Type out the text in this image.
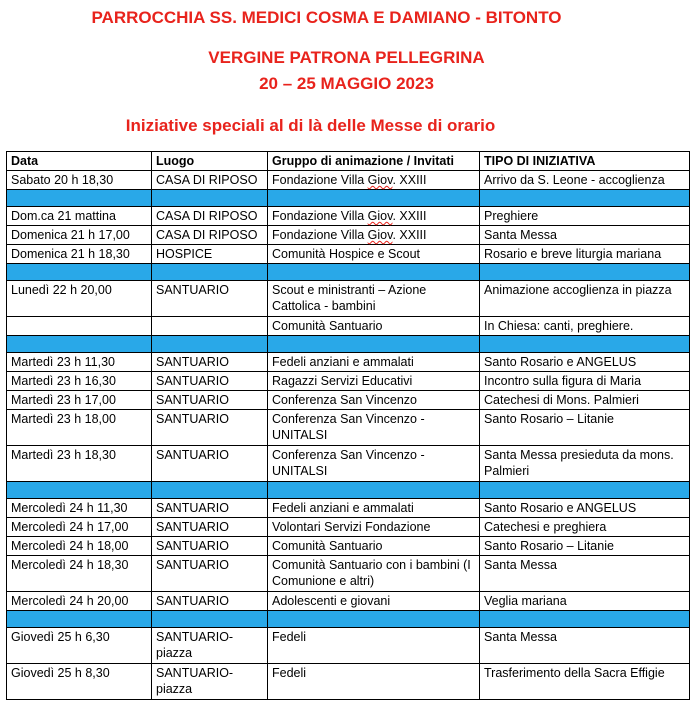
PARROCCHIA SS. MEDICI COSMA E DAMIANO - BITONTO
VERGINE PATRONA PELLEGRINA
20 – 25 MAGGIO 2023
Iniziative speciali al di là delle Messe di orario
Data	Luogo	Gruppo di animazione / Invitati	TIPO DI INIZIATIVA
Sabato 20 h 18,30	CASA DI RIPOSO	Fondazione Villa Giov. XXIII	Arrivo da S. Leone - accoglienza

Dom.ca 21 mattina	CASA DI RIPOSO	Fondazione Villa Giov. XXIII	Preghiere
Domenica 21 h 17,00	CASA DI RIPOSO	Fondazione Villa Giov. XXIII	Santa Messa
Domenica 21 h 18,30	HOSPICE	Comunità Hospice e Scout	Rosario e breve liturgia mariana

Lunedì 22 h 20,00	SANTUARIO	Scout e ministranti – Azione Cattolica - bambini	Animazione accoglienza in piazza
		Comunità Santuario	In Chiesa: canti, preghiere.

Martedì 23 h 11,30	SANTUARIO	Fedeli anziani e ammalati	Santo Rosario e ANGELUS
Martedì 23 h 16,30	SANTUARIO	Ragazzi Servizi Educativi	Incontro sulla figura di Maria
Martedì 23 h 17,00	SANTUARIO	Conferenza San Vincenzo	Catechesi di Mons. Palmieri
Martedì 23 h 18,00	SANTUARIO	Conferenza San Vincenzo - UNITALSI	Santo Rosario – Litanie
Martedì 23 h 18,30	SANTUARIO	Conferenza San Vincenzo - UNITALSI	Santa Messa presieduta da mons. Palmieri

Mercoledì 24 h 11,30	SANTUARIO	Fedeli anziani e ammalati	Santo Rosario e ANGELUS
Mercoledì 24 h 17,00	SANTUARIO	Volontari Servizi Fondazione	Catechesi e preghiera
Mercoledì 24 h 18,00	SANTUARIO	Comunità Santuario	Santo Rosario – Litanie
Mercoledì 24 h 18,30	SANTUARIO	Comunità Santuario con i bambini (I Comunione e altri)	Santa Messa
Mercoledì 24 h 20,00	SANTUARIO	Adolescenti e giovani	Veglia mariana

Giovedì 25 h 6,30	SANTUARIO-piazza	Fedeli	Santa Messa
Giovedì 25 h 8,30	SANTUARIO-piazza	Fedeli	Trasferimento della Sacra Effigie
